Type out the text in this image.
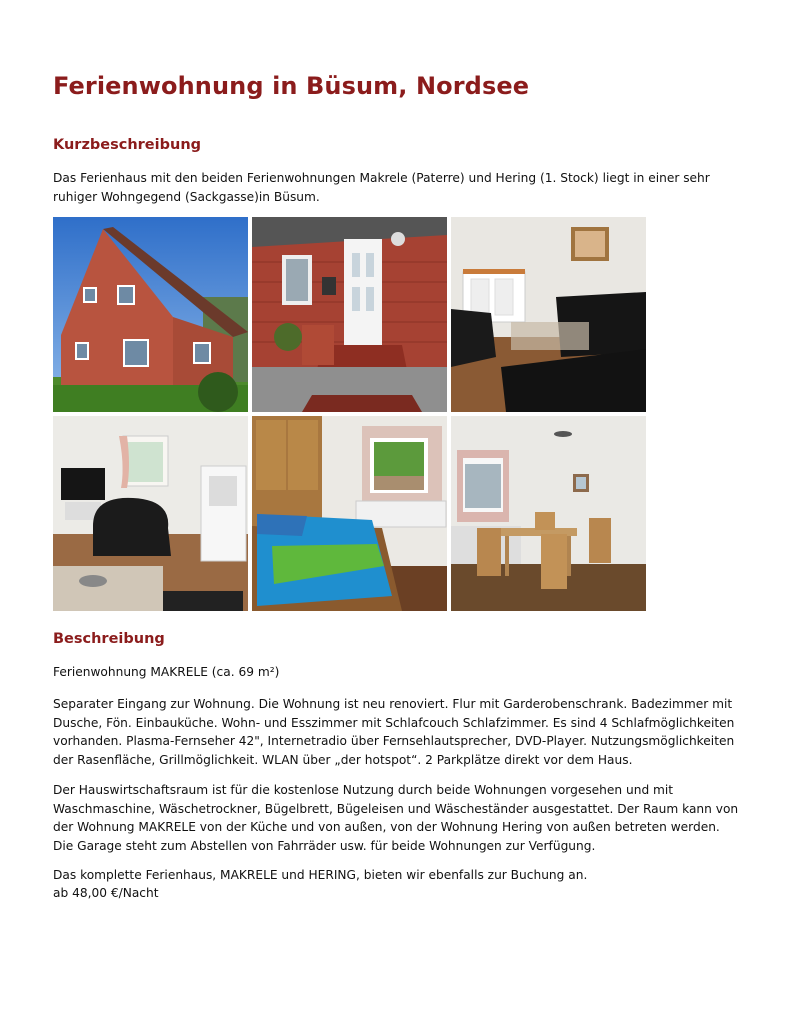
Ferienwohnung in Büsum, Nordsee
Kurzbeschreibung

Das Ferienhaus mit den beiden Ferienwohnungen Makrele (Paterre) und Hering (1. Stock) liegt in einer sehr ruhiger Wohngegend (Sackgasse)in Büsum.

Beschreibung

Ferienwohnung MAKRELE (ca. 69 m²)

Separater Eingang zur Wohnung. Die Wohnung ist neu renoviert. Flur mit Garderobenschrank. Badezimmer mit Dusche, Fön. Einbauküche. Wohn- und Esszimmer mit Schlafcouch Schlafzimmer. Es sind 4 Schlafmöglichkeiten vorhanden. Plasma-Fernseher 42", Internetradio über Fernsehlautsprecher, DVD-Player. Nutzungsmöglichkeiten der Rasenfläche, Grillmöglichkeit. WLAN über „der hotspot“. 2 Parkplätze direkt vor dem Haus.

Der Hauswirtschaftsraum ist für die kostenlose Nutzung durch beide Wohnungen vorgesehen und mit Waschmaschine, Wäschetrockner, Bügelbrett, Bügeleisen und Wäscheständer ausgestattet. Der Raum kann von der Wohnung MAKRELE von der Küche und von außen, von der Wohnung Hering von außen betreten werden. Die Garage steht zum Abstellen von Fahrräder usw. für beide Wohnungen zur Verfügung.

Das komplette Ferienhaus, MAKRELE und HERING, bieten wir ebenfalls zur Buchung an.

ab 48,00 €/Nacht
